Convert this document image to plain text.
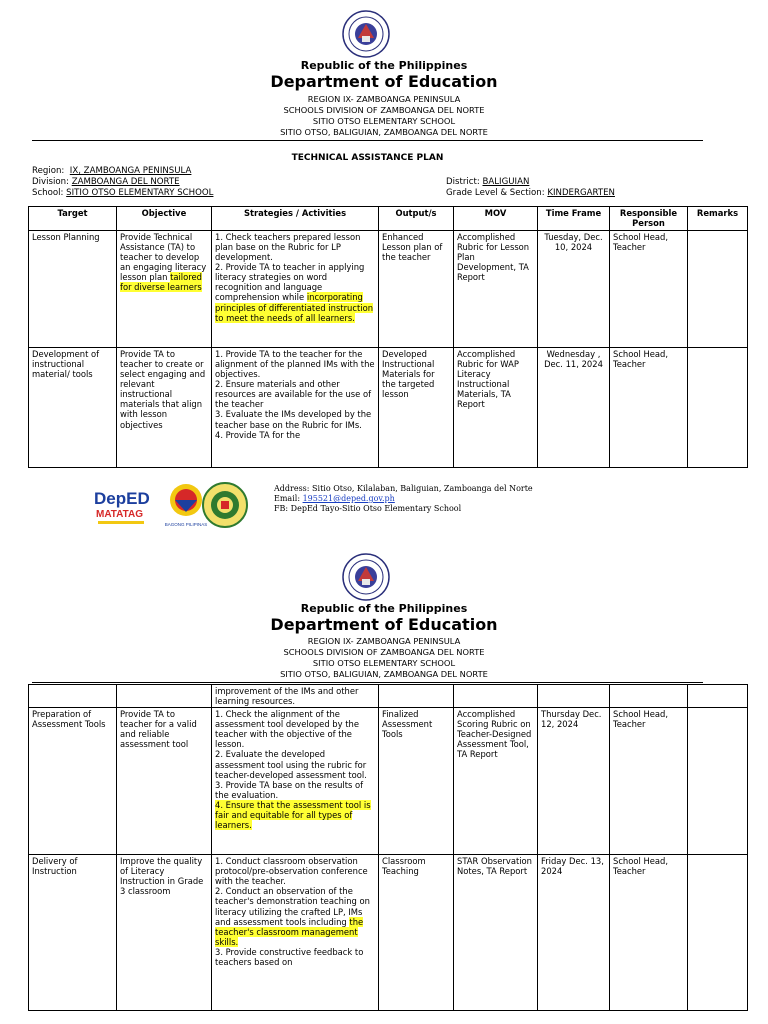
Republic of the Philippines
Department of Education
REGION IX- ZAMBOANGA PENINSULA
SCHOOLS DIVISION OF ZAMBOANGA DEL NORTE
SITIO OTSO ELEMENTARY SCHOOL
SITIO OTSO, BALIGUIAN, ZAMBOANGA DEL NORTE
TECHNICAL ASSISTANCE PLAN
Region: IX, ZAMBOANGA PENINSULA
Division: ZAMBOANGA DEL NORTE	District: BALIGUIAN
School: SITIO OTSO ELEMENTARY SCHOOL	Grade Level & Section: KINDERGARTEN
Target	Objective	Strategies / Activities	Output/s	MOV	Time Frame	Responsible Person	Remarks
Lesson Planning	Provide Technical Assistance (TA) to teacher to develop an engaging literacy lesson plan tailored for diverse learners	1. Check teachers prepared lesson plan base on the Rubric for LP development.
2. Provide TA to teacher in applying literacy strategies on word recognition and language comprehension while incorporating principles of differentiated instruction to meet the needs of all learners.	Enhanced Lesson plan of the teacher	Accomplished Rubric for Lesson Plan Development, TA Report	Tuesday, Dec. 10, 2024	School Head, Teacher	
Development of instructional material/ tools	Provide TA to teacher to create or select engaging and relevant instructional materials that align with lesson objectives	1. Provide TA to the teacher for the alignment of the planned IMs with the objectives.
2. Ensure materials and other resources are available for the use of the teacher
3. Evaluate the IMs developed by the teacher base on the Rubric for IMs.
4. Provide TA for the	Developed Instructional Materials for the targeted lesson	Accomplished Rubric for WAP Literacy Instructional Materials, TA Report	Wednesday , Dec. 11, 2024	School Head, Teacher	
DepED
MATATAG
BAGONG PILIPINAS
Address: Sitio Otso, Kilalaban, Baliguian, Zamboanga del Norte
Email: 195521@deped.gov.ph
FB: DepEd Tayo-Sitio Otso Elementary School
Republic of the Philippines
Department of Education
REGION IX- ZAMBOANGA PENINSULA
SCHOOLS DIVISION OF ZAMBOANGA DEL NORTE
SITIO OTSO ELEMENTARY SCHOOL
SITIO OTSO, BALIGUIAN, ZAMBOANGA DEL NORTE
		improvement of the IMs and other learning resources.					
Preparation of Assessment Tools	Provide TA to teacher for a valid and reliable assessment tool	1. Check the alignment of the assessment tool developed by the teacher with the objective of the lesson.
2. Evaluate the developed assessment tool using the rubric for teacher-developed assessment tool.
3. Provide TA base on the results of the evaluation.
4. Ensure that the assessment tool is fair and equitable for all types of learners.	Finalized Assessment Tools	Accomplished Scoring Rubric on Teacher-Designed Assessment Tool, TA Report	Thursday Dec. 12, 2024	School Head, Teacher	
Delivery of Instruction	Improve the quality of Literacy Instruction in Grade 3 classroom	1. Conduct classroom observation protocol/pre-observation conference with the teacher.
2. Conduct an observation of the teacher's demonstration teaching on literacy utilizing the crafted LP, IMs and assessment tools including the teacher's classroom management skills.
3. Provide constructive feedback to teachers based on	Classroom Teaching	STAR Observation Notes, TA Report	Friday Dec. 13, 2024	School Head, Teacher	
